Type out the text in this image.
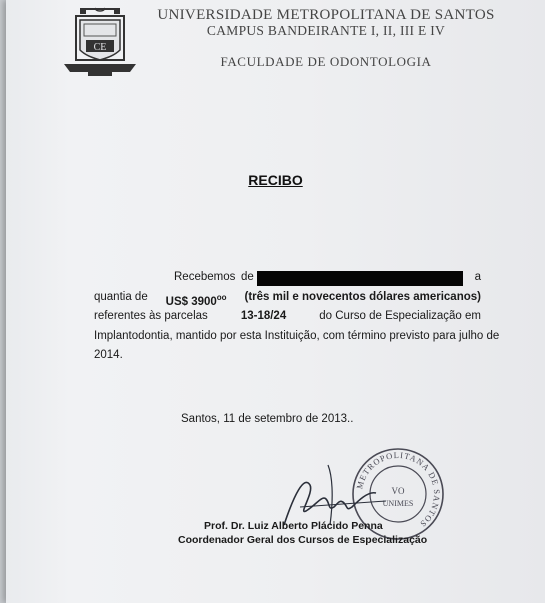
CE
UNIVERSIDADE METROPOLITANA DE SANTOS
CAMPUS BANDEIRANTE I, II, III E IV
FACULDADE DE ODONTOLOGIA
RECIBO
Recebemos de	a
quantia de US$ $3900^{oo}$ (três mil e novecentos dólares americanos)
referentes às parcelas	13-18/24	do Curso de Especialização em
Implantodontia, mantido por esta Instituição, com término previsto para julho de
2014.
Santos, 11 de setembro de 2013..
METROPOLITANA DE SANTOS
VO
UNIMES
Prof. Dr. Luiz Alberto Plácido Penna
Coordenador Geral dos Cursos de Especialização
